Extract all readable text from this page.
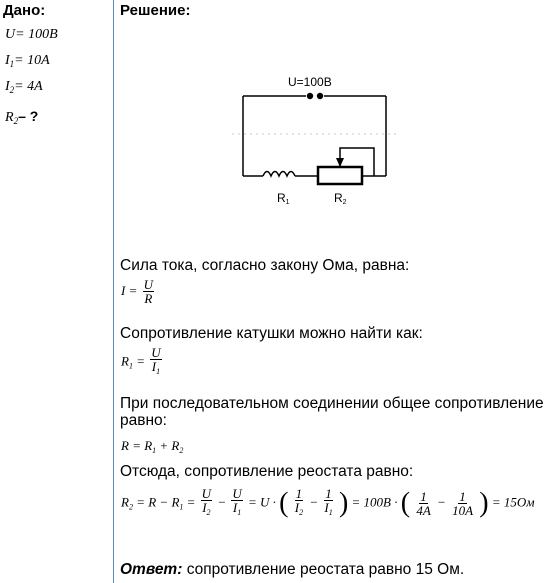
Дано:
U= 100B
$I_1= 10A$
$I_2= 4A$
$R_2-$ ?
Решение:
U=100B
R1	R2
Сила тока, согласно закону Ома, равна:
$I = \frac{U}{R}$
Сопротивление катушки можно найти как:
$R_1 = \frac{U}{I_1}$
При последовательном соединении общее сопротивление
равно:
$R = R_1 + R_2$
Отсюда, сопротивление реостата равно:
$R_2 = R - R_1 = \frac{U}{I_2} - \frac{U}{I_1} = U$ · ( $\frac{1}{I_2} - \frac{1}{I_1}$ ) = 100B · ( $\frac{1}{4A} - \frac{1}{10A}$ ) = 15Ом
Ответ: сопротивление реостата равно 15 Ом.
